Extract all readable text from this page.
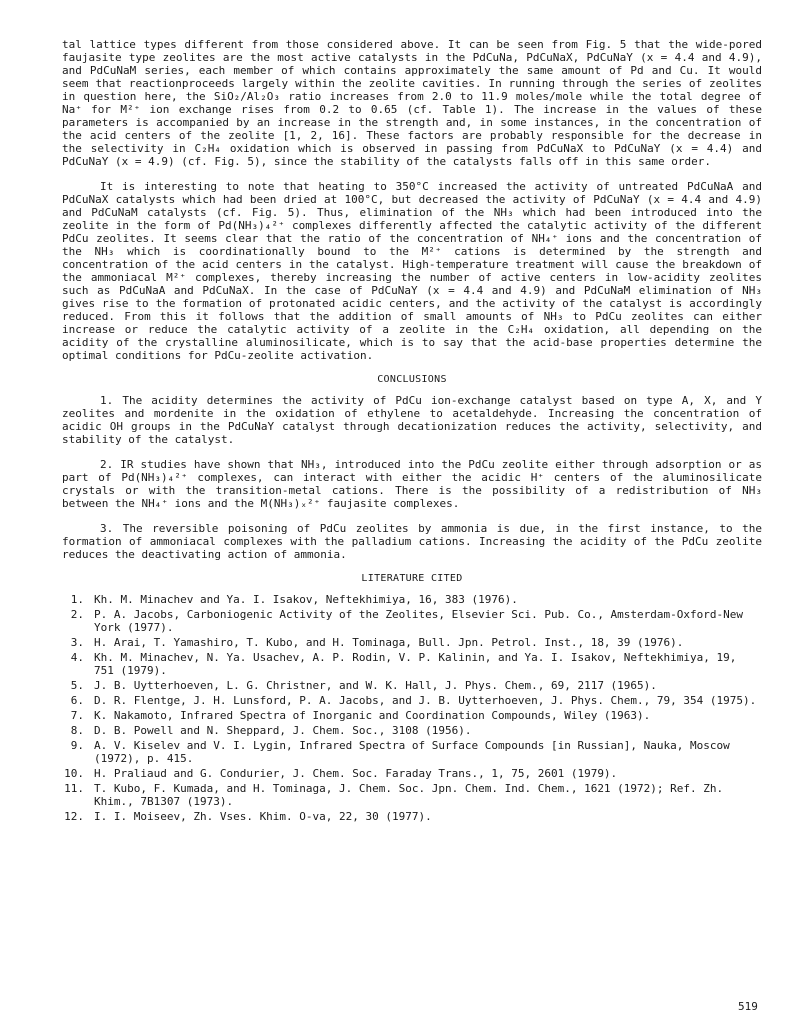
tal lattice types different from those considered above. It can be seen from Fig. 5 that the wide-pored faujasite type zeolites are the most active catalysts in the PdCuNa, PdCuNaX, PdCuNaY (x = 4.4 and 4.9), and PdCuNaM series, each member of which contains approximately the same amount of Pd and Cu. It would seem that reactionproceeds largely within the zeolite cavities. In running through the series of zeolites in question here, the SiO₂/Al₂O₃ ratio increases from 2.0 to 11.9 moles/mole while the total degree of Na⁺ for M²⁺ ion exchange rises from 0.2 to 0.65 (cf. Table 1). The increase in the values of these parameters is accompanied by an increase in the strength and, in some instances, in the concentration of the acid centers of the zeolite [1, 2, 16]. These factors are probably responsible for the decrease in the selectivity in C₂H₄ oxidation which is observed in passing from PdCuNaX to PdCuNaY (x = 4.4) and PdCuNaY (x = 4.9) (cf. Fig. 5), since the stability of the catalysts falls off in this same order.

It is interesting to note that heating to 350°C increased the activity of untreated PdCuNaA and PdCuNaX catalysts which had been dried at 100°C, but decreased the activity of PdCuNaY (x = 4.4 and 4.9) and PdCuNaM catalysts (cf. Fig. 5). Thus, elimination of the NH₃ which had been introduced into the zeolite in the form of Pd(NH₃)₄²⁺ complexes differently affected the catalytic activity of the different PdCu zeolites. It seems clear that the ratio of the concentration of NH₄⁺ ions and the concentration of the NH₃ which is coordinationally bound to the M²⁺ cations is determined by the strength and concentration of the acid centers in the catalyst. High-temperature treatment will cause the breakdown of the ammoniacal M²⁺ complexes, thereby increasing the number of active centers in low-acidity zeolites such as PdCuNaA and PdCuNaX. In the case of PdCuNaY (x = 4.4 and 4.9) and PdCuNaM elimination of NH₃ gives rise to the formation of protonated acidic centers, and the activity of the catalyst is accordingly reduced. From this it follows that the addition of small amounts of NH₃ to PdCu zeolites can either increase or reduce the catalytic activity of a zeolite in the C₂H₄ oxidation, all depending on the acidity of the crystalline aluminosilicate, which is to say that the acid-base properties determine the optimal conditions for PdCu-zeolite activation.

CONCLUSIONS

1. The acidity determines the activity of PdCu ion-exchange catalyst based on type A, X, and Y zeolites and mordenite in the oxidation of ethylene to acetaldehyde. Increasing the concentration of acidic OH groups in the PdCuNaY catalyst through decationization reduces the activity, selectivity, and stability of the catalyst.

2. IR studies have shown that NH₃, introduced into the PdCu zeolite either through adsorption or as part of Pd(NH₃)₄²⁺ complexes, can interact with either the acidic H⁺ centers of the aluminosilicate crystals or with the transition-metal cations. There is the possibility of a redistribution of NH₃ between the NH₄⁺ ions and the M(NH₃)ₓ²⁺ faujasite complexes.

3. The reversible poisoning of PdCu zeolites by ammonia is due, in the first instance, to the formation of ammoniacal complexes with the palladium cations. Increasing the acidity of the PdCu zeolite reduces the deactivating action of ammonia.

LITERATURE CITED
1. Kh. M. Minachev and Ya. I. Isakov, Neftekhimiya, 16, 383 (1976).
2. P. A. Jacobs, Carboniogenic Activity of the Zeolites, Elsevier Sci. Pub. Co., Amsterdam-Oxford-New York (1977).
3. H. Arai, T. Yamashiro, T. Kubo, and H. Tominaga, Bull. Jpn. Petrol. Inst., 18, 39 (1976).
4. Kh. M. Minachev, N. Ya. Usachev, A. P. Rodin, V. P. Kalinin, and Ya. I. Isakov, Neftekhimiya, 19, 751 (1979).
5. J. B. Uytterhoeven, L. G. Christner, and W. K. Hall, J. Phys. Chem., 69, 2117 (1965).
6. D. R. Flentge, J. H. Lunsford, P. A. Jacobs, and J. B. Uytterhoeven, J. Phys. Chem., 79, 354 (1975).
7. K. Nakamoto, Infrared Spectra of Inorganic and Coordination Compounds, Wiley (1963).
8. D. B. Powell and N. Sheppard, J. Chem. Soc., 3108 (1956).
9. A. V. Kiselev and V. I. Lygin, Infrared Spectra of Surface Compounds [in Russian], Nauka, Moscow (1972), p. 415.
10. H. Praliaud and G. Condurier, J. Chem. Soc. Faraday Trans., 1, 75, 2601 (1979).
11. T. Kubo, F. Kumada, and H. Tominaga, J. Chem. Soc. Jpn. Chem. Ind. Chem., 1621 (1972); Ref. Zh. Khim., 7B1307 (1973).
12. I. I. Moiseev, Zh. Vses. Khim. O-va, 22, 30 (1977).
519
